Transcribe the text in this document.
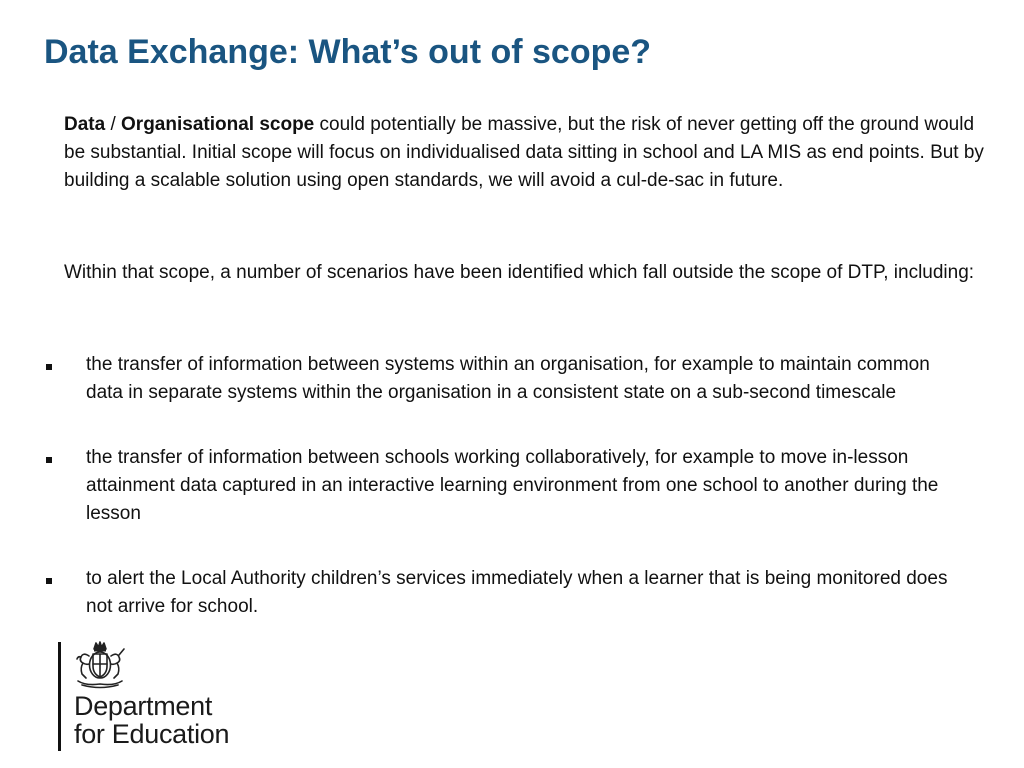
Data Exchange: What’s out of scope?

Data / Organisational scope could potentially be massive, but the risk of never getting off the ground would be substantial. Initial scope will focus on individualised data sitting in school and LA MIS as end points. But by building a scalable solution using open standards, we will avoid a cul-de-sac in future.

Within that scope, a number of scenarios have been identified which fall outside the scope of DTP, including:

the transfer of information between systems within an organisation, for example to maintain common data in separate systems within the organisation in a consistent state on a sub-second timescale
the transfer of information between schools working collaboratively, for example to move in-lesson attainment data captured in an interactive learning environment from one school to another during the lesson
to alert the Local Authority children’s services immediately when a learner that is being monitored does not arrive for school.
Department
for Education
